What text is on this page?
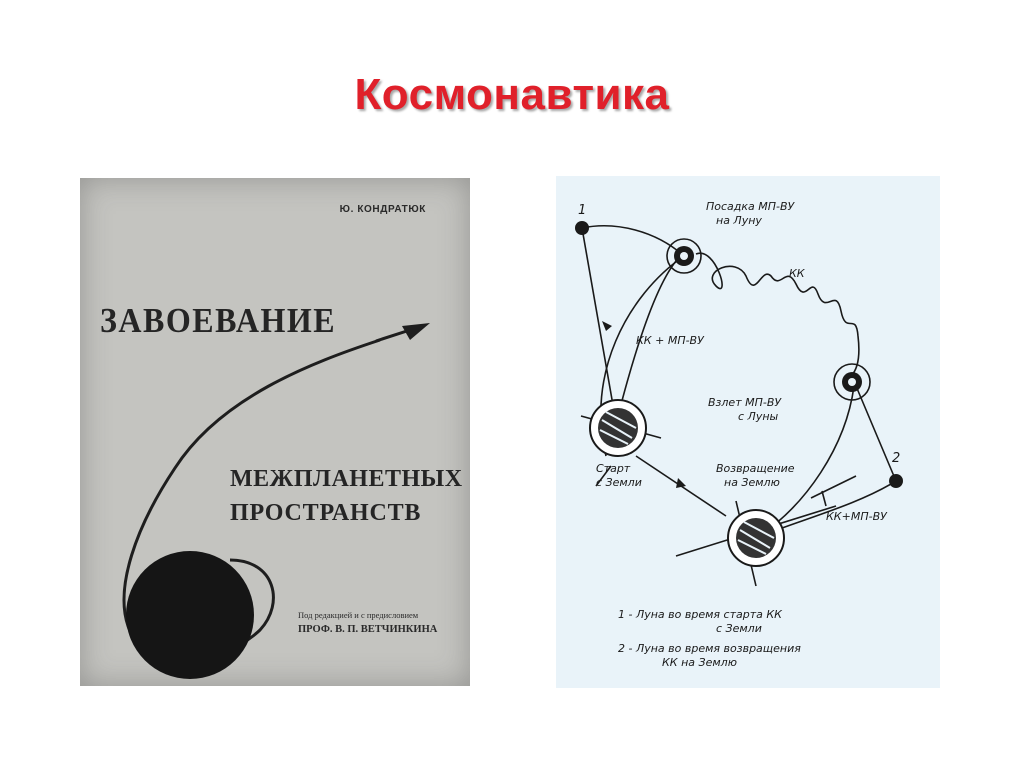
Космонавтика
Ю. КОНДРАТЮК
ЗАВОЕВАНИЕ
МЕЖПЛАНЕТНЫХ
ПРОСТРАНСТВ
Под редакцией и с предисловием
ПРОФ. В. П. ВЕТЧИНКИНА
1	Посадка МП-ВУ
на Луну
КК
КК + МП-ВУ
Взлет МП-ВУ
с Луны
Старт
с Земли
Возвращение
на Землю
2
КК+МП-ВУ
1 - Луна во время старта КК
с Земли
2 - Луна во время возвращения
КК на Землю
